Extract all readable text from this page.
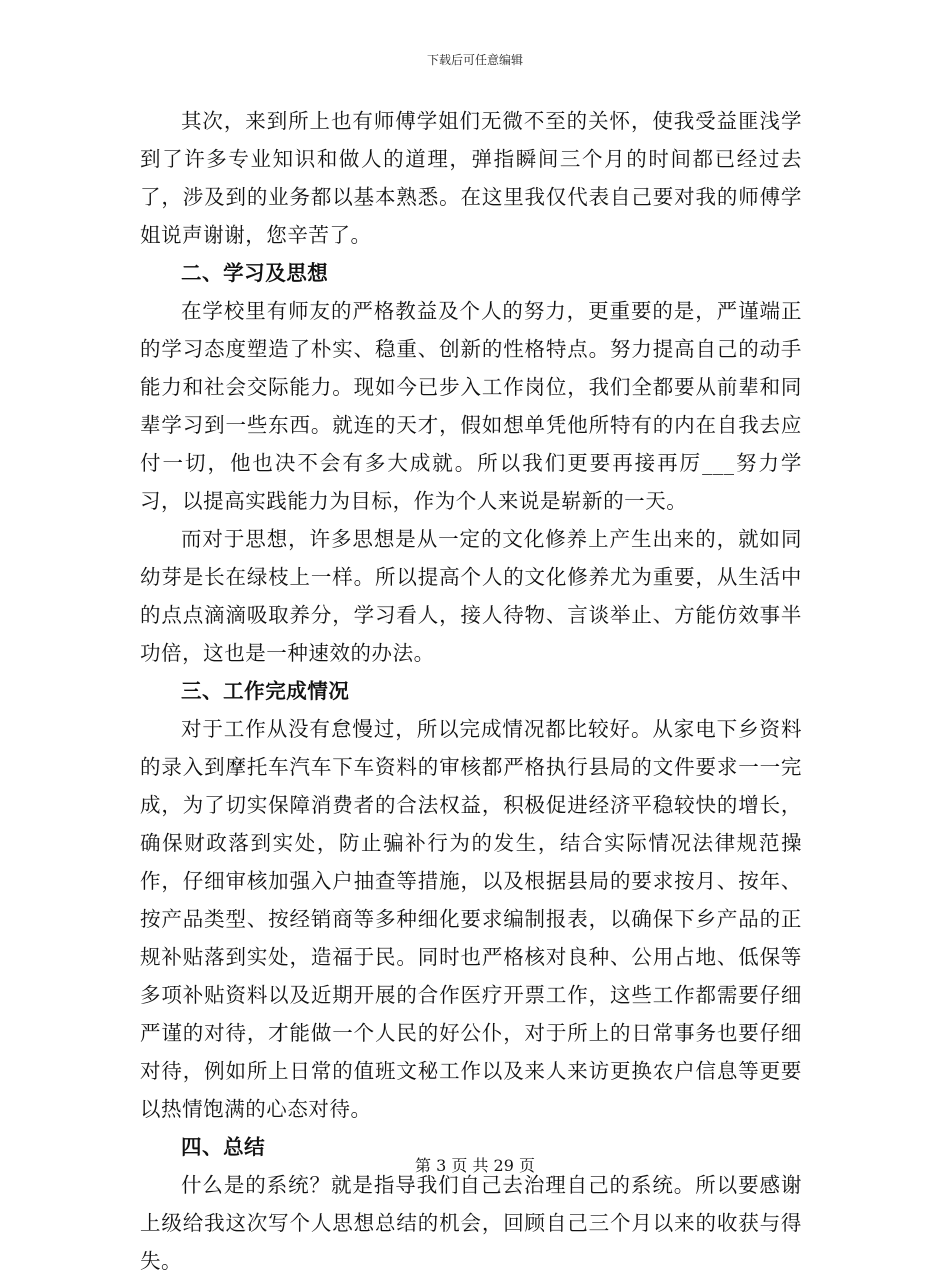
下载后可任意编辑

其次，来到所上也有师傅学姐们无微不至的关怀，使我受益匪浅学到了许多专业知识和做人的道理，弹指瞬间三个月的时间都已经过去了，涉及到的业务都以基本熟悉。在这里我仅代表自己要对我的师傅学姐说声谢谢，您辛苦了。

二、学习及思想

在学校里有师友的严格教益及个人的努力，更重要的是，严谨端正的学习态度塑造了朴实、稳重、创新的性格特点。努力提高自己的动手能力和社会交际能力。现如今已步入工作岗位，我们全都要从前辈和同辈学习到一些东西。就连的天才，假如想单凭他所特有的内在自我去应付一切，他也决不会有多大成就。所以我们更要再接再厉___努力学习，以提高实践能力为目标，作为个人来说是崭新的一天。

而对于思想，许多思想是从一定的文化修养上产生出来的，就如同幼芽是长在绿枝上一样。所以提高个人的文化修养尤为重要，从生活中的点点滴滴吸取养分，学习看人，接人待物、言谈举止、方能仿效事半功倍，这也是一种速效的办法。

三、工作完成情况

对于工作从没有怠慢过，所以完成情况都比较好。从家电下乡资料的录入到摩托车汽车下车资料的审核都严格执行县局的文件要求一一完成，为了切实保障消费者的合法权益，积极促进经济平稳较快的增长，确保财政落到实处，防止骗补行为的发生，结合实际情况法律规范操作，仔细审核加强入户抽查等措施，以及根据县局的要求按月、按年、按产品类型、按经销商等多种细化要求编制报表，以确保下乡产品的正规补贴落到实处，造福于民。同时也严格核对良种、公用占地、低保等多项补贴资料以及近期开展的合作医疗开票工作，这些工作都需要仔细严谨的对待，才能做一个人民的好公仆，对于所上的日常事务也要仔细对待，例如所上日常的值班文秘工作以及来人来访更换农户信息等更要以热情饱满的心态对待。

四、总结

什么是的系统？就是指导我们自己去治理自己的系统。所以要感谢上级给我这次写个人思想总结的机会，回顾自己三个月以来的收获与得失。

第 3 页 共 29 页
